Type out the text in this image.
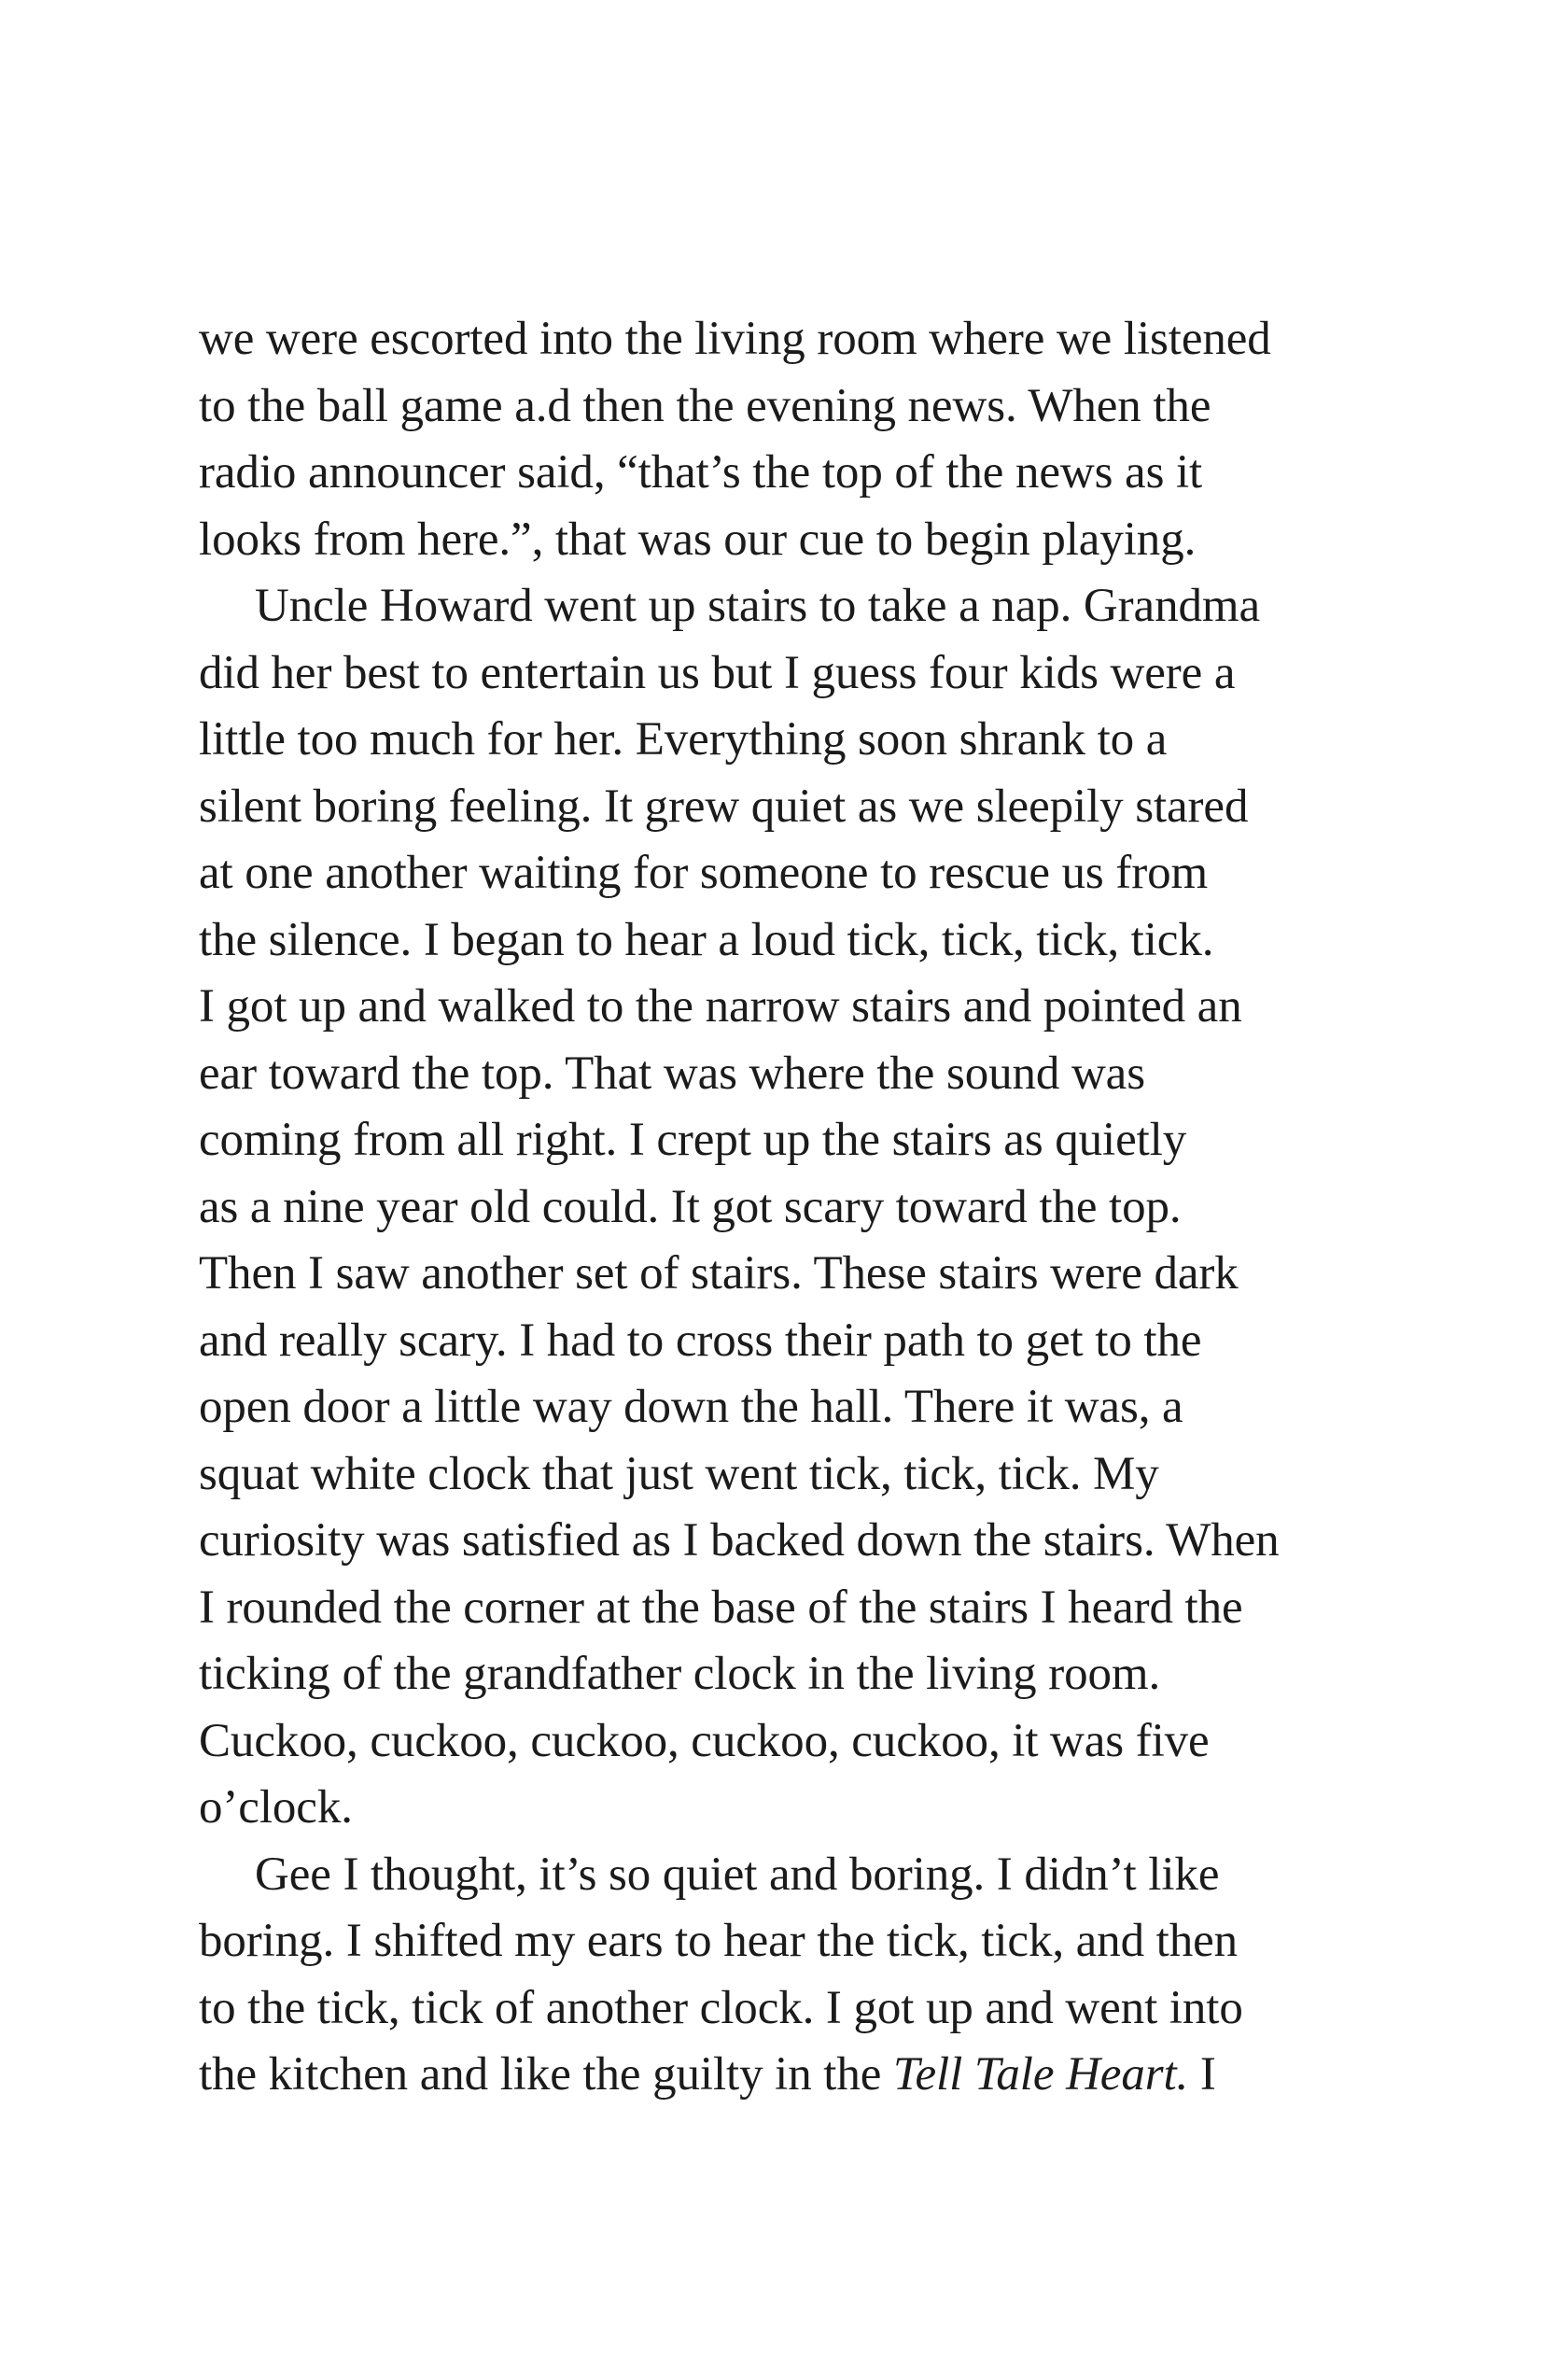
we were escorted into the living room where we listened
to the ball game a.d then the evening news. When the
radio announcer said, “that’s the top of the news as it
looks from here.”, that was our cue to begin playing.
Uncle Howard went up stairs to take a nap. Grandma
did her best to entertain us but I guess four kids were a
little too much for her. Everything soon shrank to a
silent boring feeling. It grew quiet as we sleepily stared
at one another waiting for someone to rescue us from
the silence. I began to hear a loud tick, tick, tick, tick.
I got up and walked to the narrow stairs and pointed an
ear toward the top. That was where the sound was
coming from all right. I crept up the stairs as quietly
as a nine year old could. It got scary toward the top.
Then I saw another set of stairs. These stairs were dark
and really scary. I had to cross their path to get to the
open door a little way down the hall. There it was, a
squat white clock that just went tick, tick, tick. My
curiosity was satisfied as I backed down the stairs. When
I rounded the corner at the base of the stairs I heard the
ticking of the grandfather clock in the living room.
Cuckoo, cuckoo, cuckoo, cuckoo, cuckoo, it was five
o’clock.
Gee I thought, it’s so quiet and boring. I didn’t like
boring. I shifted my ears to hear the tick, tick, and then
to the tick, tick of another clock. I got up and went into
the kitchen and like the guilty in the Tell Tale Heart. I
